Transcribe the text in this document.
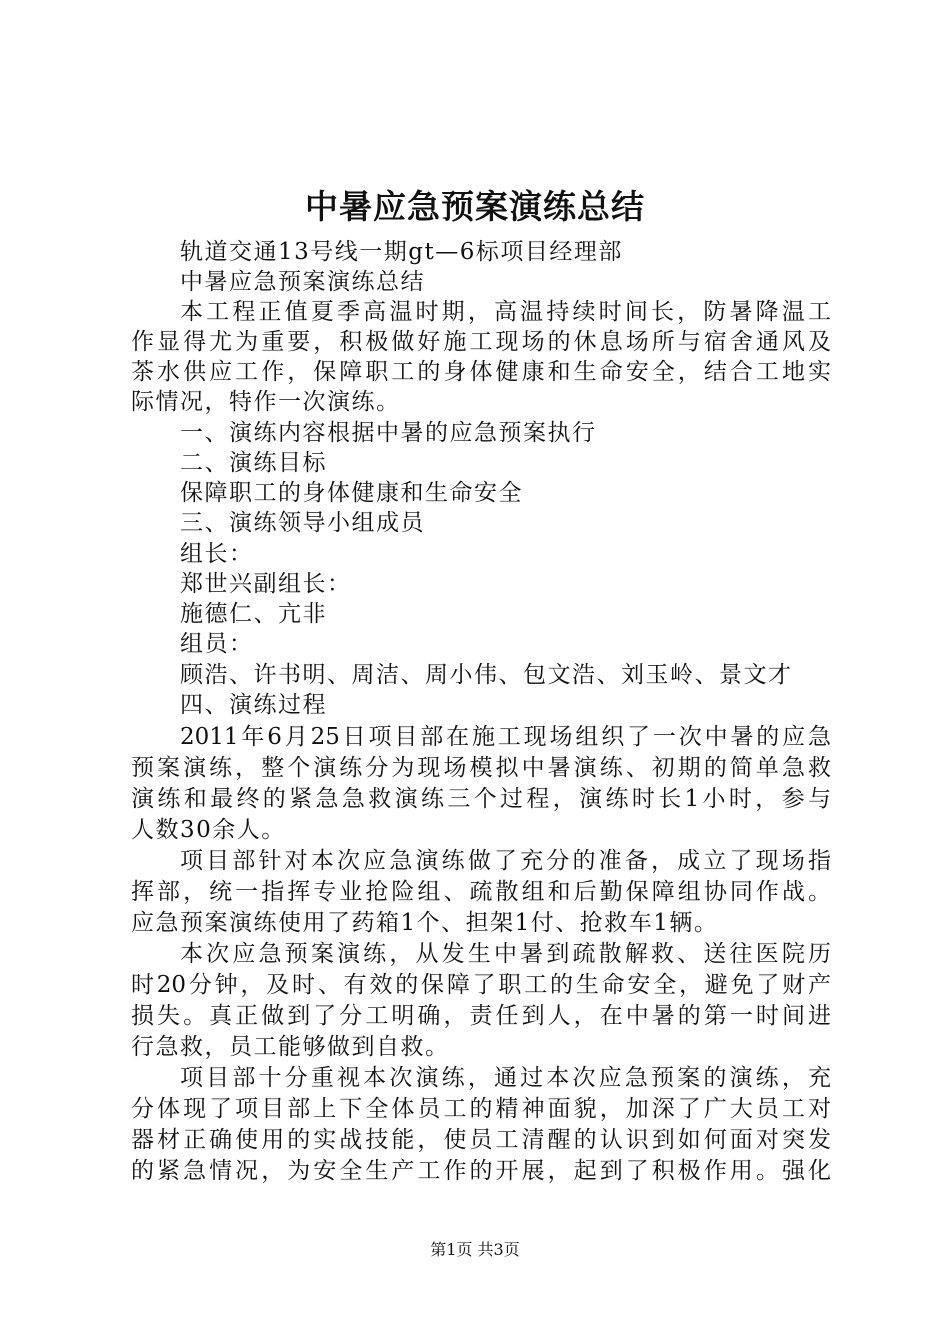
中暑应急预案演练总结
轨道交通13号线一期gt—6标项目经理部
中暑应急预案演练总结
本工程正值夏季高温时期，高温持续时间长，防暑降温工
作显得尤为重要，积极做好施工现场的休息场所与宿舍通风及
茶水供应工作，保障职工的身体健康和生命安全，结合工地实
际情况，特作一次演练。
一、演练内容根据中暑的应急预案执行
二、演练目标
保障职工的身体健康和生命安全
三、演练领导小组成员
组长：
郑世兴副组长：
施德仁、亢非
组员：
顾浩、许书明、周洁、周小伟、包文浩、刘玉岭、景文才
四、演练过程
2011年6月25日项目部在施工现场组织了一次中暑的应急
预案演练，整个演练分为现场模拟中暑演练、初期的简单急救
演练和最终的紧急急救演练三个过程，演练时长1小时，参与
人数30余人。
项目部针对本次应急演练做了充分的准备，成立了现场指
挥部，统一指挥专业抢险组、疏散组和后勤保障组协同作战。
应急预案演练使用了药箱1个、担架1付、抢救车1辆。
本次应急预案演练，从发生中暑到疏散解救、送往医院历
时20分钟，及时、有效的保障了职工的生命安全，避免了财产
损失。真正做到了分工明确，责任到人，在中暑的第一时间进
行急救，员工能够做到自救。
项目部十分重视本次演练，通过本次应急预案的演练，充
分体现了项目部上下全体员工的精神面貌，加深了广大员工对
器材正确使用的实战技能，使员工清醒的认识到如何面对突发
的紧急情况，为安全生产工作的开展，起到了积极作用。强化
第1页 共3页
